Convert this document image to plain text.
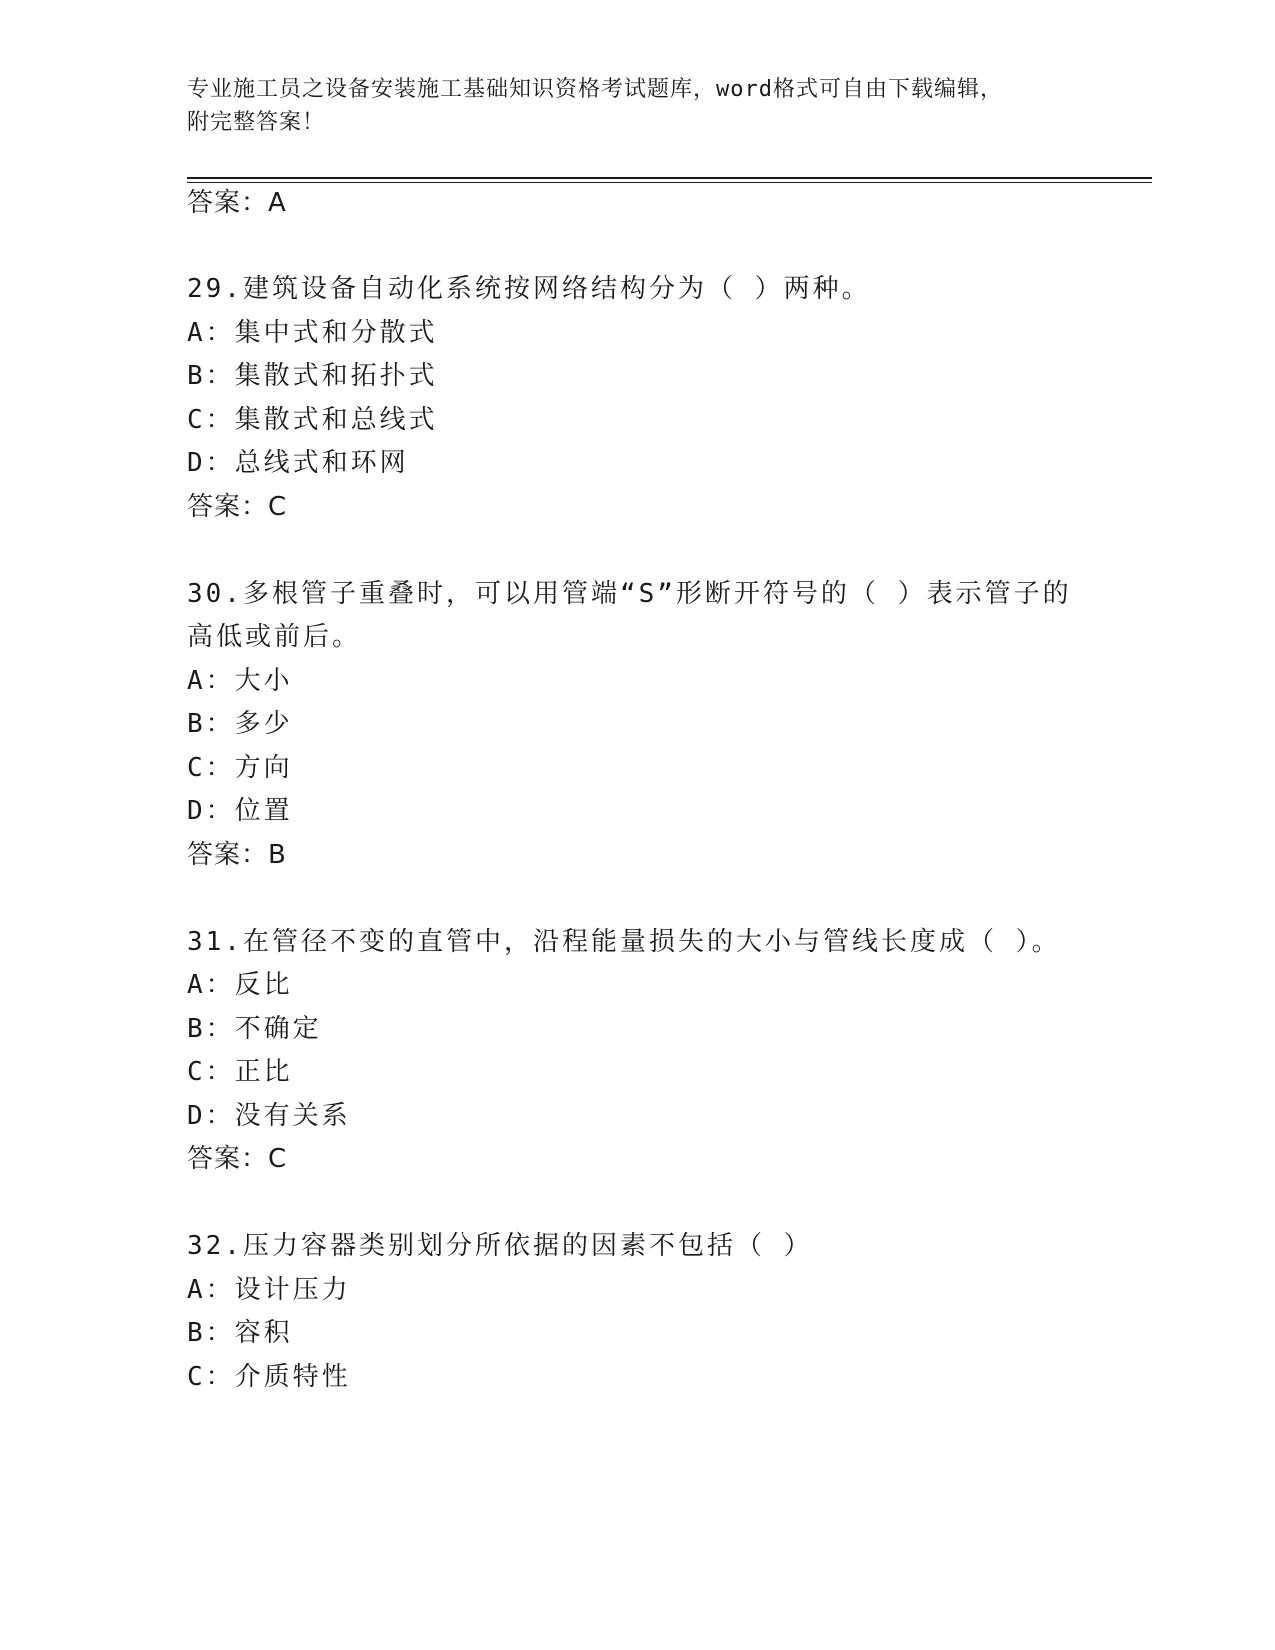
专业施工员之设备安装施工基础知识资格考试题库，word格式可自由下载编辑，
附完整答案！
答案：A
29.建筑设备自动化系统按网络结构分为（ ）两种。
A：集中式和分散式
B：集散式和拓扑式
C：集散式和总线式
D：总线式和环网
答案：C
30.多根管子重叠时，可以用管端“S”形断开符号的（ ）表示管子的
高低或前后。
A：大小
B：多少
C：方向
D：位置
答案：B
31.在管径不变的直管中，沿程能量损失的大小与管线长度成（ ）。
A：反比
B：不确定
C：正比
D：没有关系
答案：C
32.压力容器类别划分所依据的因素不包括（ ）
A：设计压力
B：容积
C：介质特性
